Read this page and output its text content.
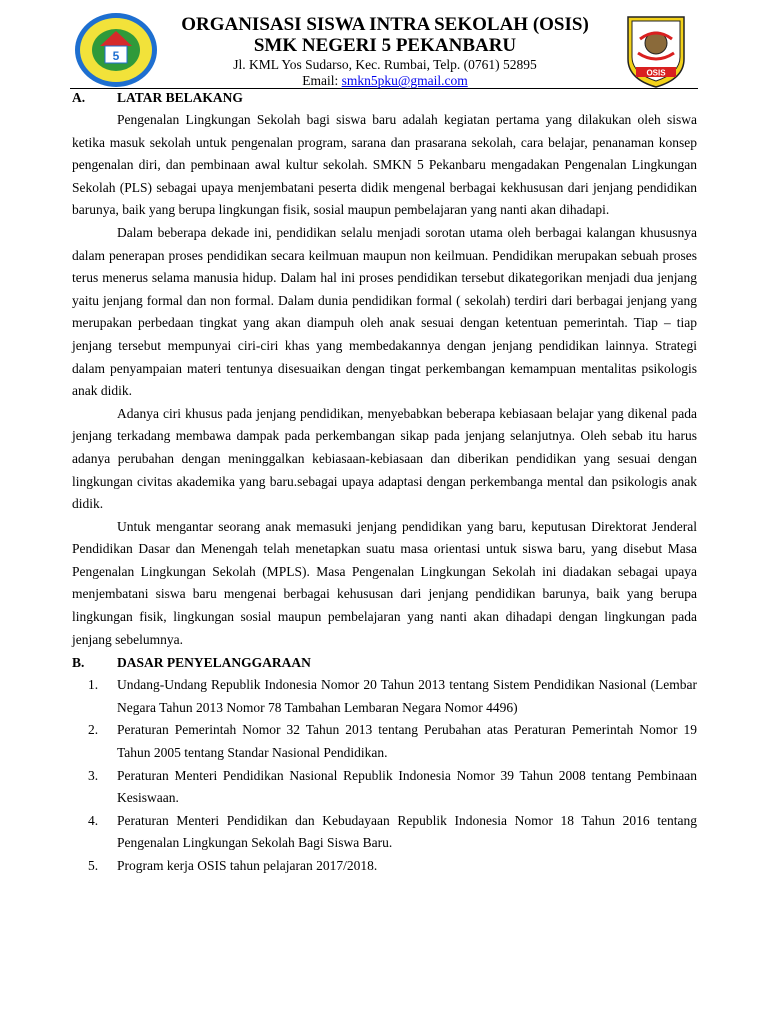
5
OSIS
ORGANISASI SISWA INTRA SEKOLAH (OSIS)
SMK NEGERI 5 PEKANBARU
Jl. KML Yos Sudarso, Kec. Rumbai, Telp. (0761) 52895
Email: smkn5pku@gmail.com
A.	LATAR BELAKANG

Pengenalan Lingkungan Sekolah bagi siswa baru adalah kegiatan pertama yang dilakukan oleh siswa ketika masuk sekolah untuk pengenalan program, sarana dan prasarana sekolah, cara belajar, penanaman konsep pengenalan diri, dan pembinaan awal kultur sekolah. SMKN 5 Pekanbaru mengadakan Pengenalan Lingkungan Sekolah (PLS) sebagai upaya menjembatani peserta didik mengenal berbagai kekhususan dari jenjang pendidikan barunya, baik yang berupa lingkungan fisik, sosial maupun pembelajaran yang nanti akan dihadapi.

Dalam beberapa dekade ini, pendidikan selalu menjadi sorotan utama oleh berbagai kalangan khususnya dalam penerapan proses pendidikan secara keilmuan maupun non keilmuan. Pendidikan merupakan sebuah proses terus menerus selama manusia hidup. Dalam hal ini proses pendidikan tersebut dikategorikan menjadi dua jenjang yaitu jenjang formal dan non formal. Dalam dunia pendidikan formal ( sekolah) terdiri dari berbagai jenjang yang merupakan perbedaan tingkat yang akan diampuh oleh anak sesuai dengan ketentuan pemerintah. Tiap – tiap jenjang tersebut mempunyai ciri-ciri khas yang membedakannya dengan jenjang pendidikan lainnya. Strategi dalam penyampaian materi tentunya disesuaikan dengan tingat perkembangan kemampuan mentalitas psikologis anak didik.

Adanya ciri khusus pada jenjang pendidikan, menyebabkan beberapa kebiasaan belajar yang dikenal pada jenjang terkadang membawa dampak pada perkembangan sikap pada jenjang selanjutnya. Oleh sebab itu harus adanya perubahan dengan meninggalkan kebiasaan-kebiasaan dan diberikan pendidikan yang sesuai dengan lingkungan civitas akademika yang baru.sebagai upaya adaptasi dengan perkembanga mental dan psikologis anak didik.

Untuk mengantar seorang anak memasuki jenjang pendidikan yang baru, keputusan Direktorat Jenderal Pendidikan Dasar dan Menengah telah menetapkan suatu masa orientasi untuk siswa baru, yang disebut Masa Pengenalan Lingkungan Sekolah (MPLS). Masa Pengenalan Lingkungan Sekolah ini diadakan sebagai upaya menjembatani siswa baru mengenai berbagai kehususan dari jenjang pendidikan barunya, baik yang berupa lingkungan fisik, lingkungan sosial maupun pembelajaran yang nanti akan dihadapi dengan lingkungan pada jenjang sebelumnya.

B.	DASAR PENYELANGGARAAN
1.	Undang-Undang Republik Indonesia Nomor 20 Tahun 2013 tentang Sistem Pendidikan Nasional (Lembar Negara Tahun 2013 Nomor 78 Tambahan Lembaran Negara Nomor 4496)
2.	Peraturan Pemerintah Nomor 32 Tahun 2013 tentang Perubahan atas Peraturan Pemerintah Nomor 19 Tahun 2005 tentang Standar Nasional Pendidikan.
3.	Peraturan Menteri Pendidikan Nasional Republik Indonesia Nomor 39 Tahun 2008 tentang Pembinaan Kesiswaan.
4.	Peraturan Menteri Pendidikan dan Kebudayaan Republik Indonesia Nomor 18 Tahun 2016 tentang Pengenalan Lingkungan Sekolah Bagi Siswa Baru.
5.	Program kerja OSIS tahun pelajaran 2017/2018.
